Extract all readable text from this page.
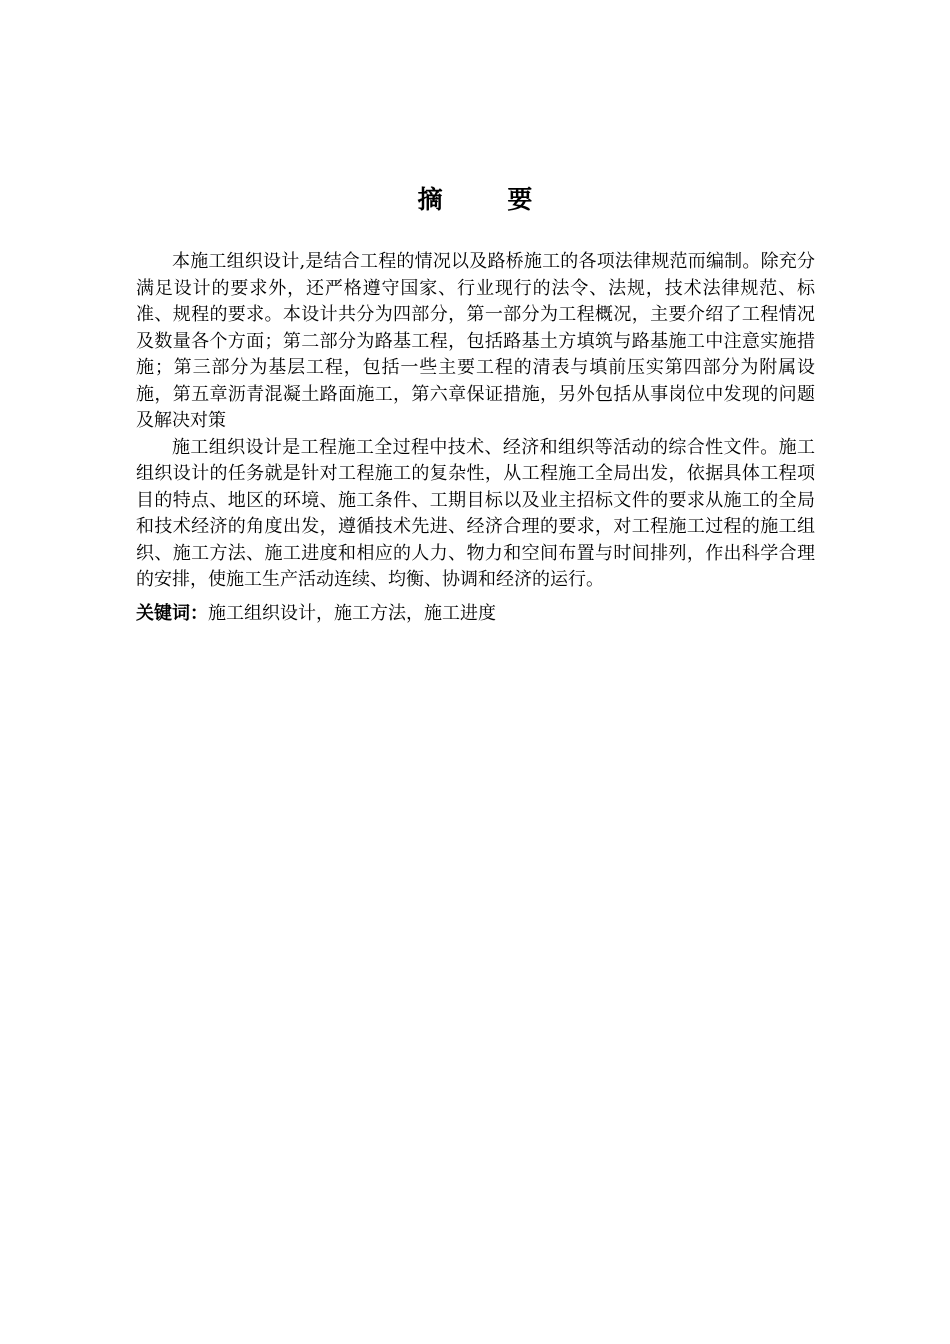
摘 要

本施工组织设计,是结合工程的情况以及路桥施工的各项法律规范而编制。除充分满足设计的要求外，还严格遵守国家、行业现行的法令、法规，技术法律规范、标准、规程的要求。本设计共分为四部分，第一部分为工程概况，主要介绍了工程情况及数量各个方面；第二部分为路基工程，包括路基土方填筑与路基施工中注意实施措施；第三部分为基层工程，包括一些主要工程的清表与填前压实第四部分为附属设施，第五章沥青混凝土路面施工，第六章保证措施，另外包括从事岗位中发现的问题及解决对策

施工组织设计是工程施工全过程中技术、经济和组织等活动的综合性文件。施工组织设计的任务就是针对工程施工的复杂性，从工程施工全局出发，依据具体工程项目的特点、地区的环境、施工条件、工期目标以及业主招标文件的要求从施工的全局和技术经济的角度出发，遵循技术先进、经济合理的要求，对工程施工过程的施工组织、施工方法、施工进度和相应的人力、物力和空间布置与时间排列，作出科学合理的安排，使施工生产活动连续、均衡、协调和经济的运行。

关键词：施工组织设计，施工方法，施工进度
